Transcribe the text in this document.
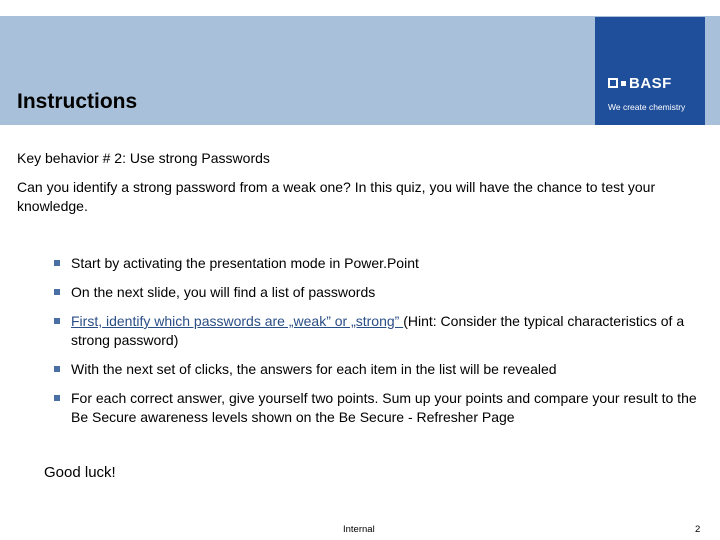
Instructions
BASF
We create chemistry
Key behavior # 2: Use strong Passwords
Can you identify a strong password from a weak one? In this quiz, you will have the chance to test your knowledge.
Start by activating the presentation mode in Power.Point
On the next slide, you will find a list of passwords
First, identify which passwords are „weak” or „strong” (Hint: Consider the typical characteristics of a strong password)
With the next set of clicks, the answers for each item in the list will be revealed
For each correct answer, give yourself two points. Sum up your points and compare your result to the Be Secure awareness levels shown on the Be Secure - Refresher Page
Good luck!
Internal	2
